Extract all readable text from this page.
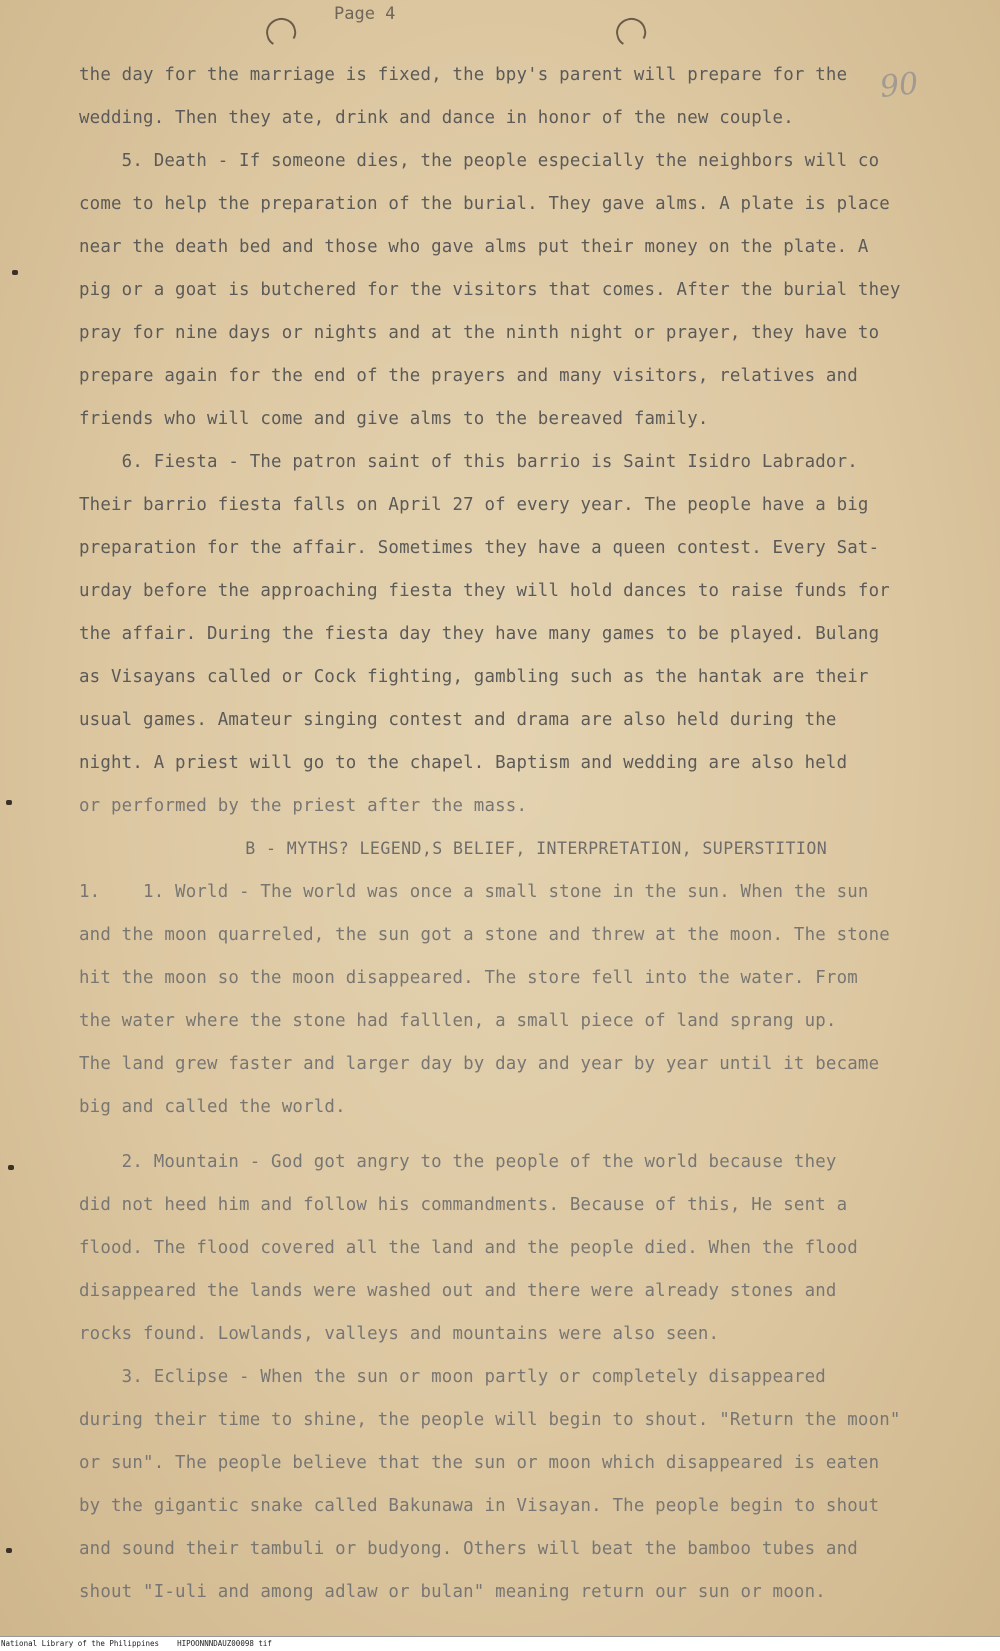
Page 4
90

the day for the marriage is fixed, the bpy's parent will prepare for the

wedding. Then they ate, drink and dance in honor of the new couple.

5. Death - If someone dies, the people especially the neighbors will co

come to help the preparation of the burial. They gave alms. A plate is place

near the death bed and those who gave alms put their money on the plate. A

pig or a goat is butchered for the visitors that comes. After the burial they

pray for nine days or nights and at the ninth night or prayer, they have to

prepare again for the end of the prayers and many visitors, relatives and

friends who will come and give alms to the bereaved family.

6. Fiesta - The patron saint of this barrio is Saint Isidro Labrador.

Their barrio fiesta falls on April 27 of every year. The people have a big

preparation for the affair. Sometimes they have a queen contest. Every Sat-

urday before the approaching fiesta they will hold dances to raise funds for

the affair. During the fiesta day they have many games to be played. Bulang

as Visayans called or Cock fighting, gambling such as the hantak are their

usual games. Amateur singing contest and drama are also held during the

night. A priest will go to the chapel. Baptism and wedding are also held

or performed by the priest after the mass.

B - MYTHS? LEGEND,S BELIEF, INTERPRETATION, SUPERSTITION

1.    1. World - The world was once a small stone in the sun. When the sun

and the moon quarreled, the sun got a stone and threw at the moon. The stone

hit the moon so the moon disappeared. The store fell into the water. From

the water where the stone had falllen, a small piece of land sprang up.

The land grew faster and larger day by day and year by year until it became

big and called the world.

2. Mountain - God got angry to the people of the world because they

did not heed him and follow his commandments. Because of this, He sent a

flood. The flood covered all the land and the people died. When the flood

disappeared the lands were washed out and there were already stones and

rocks found. Lowlands, valleys and mountains were also seen.

3. Eclipse - When the sun or moon partly or completely disappeared

during their time to shine, the people will begin to shout. "Return the moon"

or sun". The people believe that the sun or moon which disappeared is eaten

by the gigantic snake called Bakunawa in Visayan. The people begin to shout

and sound their tambuli or budyong. Others will beat the bamboo tubes and

shout "I-uli and among adlaw or bulan" meaning return our sun or moon.

National Library of the Philippines    HIPOONNNDAUZ00098 tif
